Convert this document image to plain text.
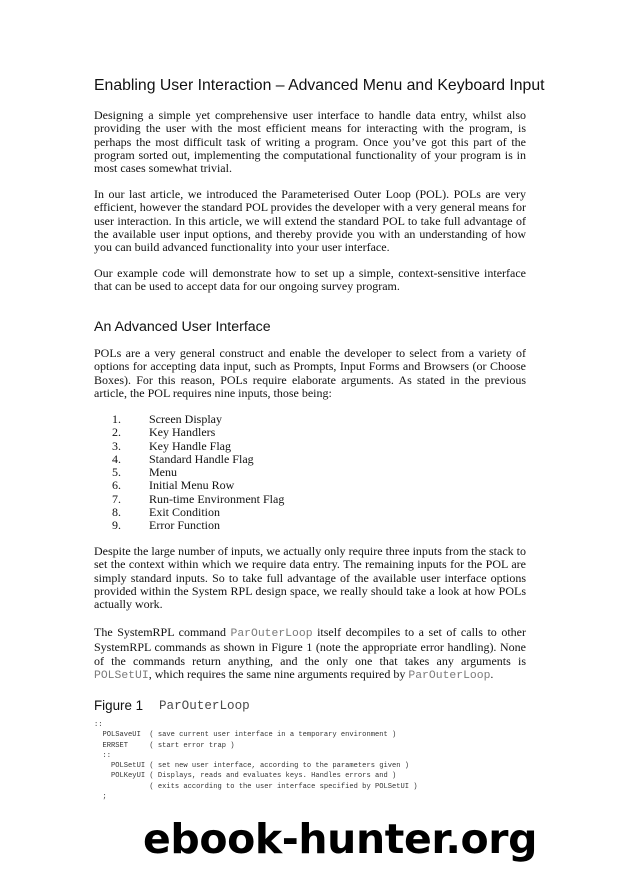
Enabling User Interaction – Advanced Menu and Keyboard Input

Designing a simple yet comprehensive user interface to handle data entry, whilst also providing the user with the most efficient means for interacting with the program, is perhaps the most difficult task of writing a program. Once you’ve got this part of the program sorted out, implementing the computational functionality of your program is in most cases somewhat trivial.

In our last article, we introduced the Parameterised Outer Loop (POL). POLs are very efficient, however the standard POL provides the developer with a very general means for user interaction. In this article, we will extend the standard POL to take full advantage of the available user input options, and thereby provide you with an understanding of how you can build advanced functionality into your user interface.

Our example code will demonstrate how to set up a simple, context-sensitive interface that can be used to accept data for our ongoing survey program.

An Advanced User Interface

POLs are a very general construct and enable the developer to select from a variety of options for accepting data input, such as Prompts, Input Forms and Browsers (or Choose Boxes). For this reason, POLs require elaborate arguments. As stated in the previous article, the POL requires nine inputs, those being:

1.	Screen Display
2.	Key Handlers
3.	Key Handle Flag
4.	Standard Handle Flag
5.	Menu
6.	Initial Menu Row
7.	Run-time Environment Flag
8.	Exit Condition
9.	Error Function

Despite the large number of inputs, we actually only require three inputs from the stack to set the context within which we require data entry. The remaining inputs for the POL are simply standard inputs. So to take full advantage of the available user interface options provided within the System RPL design space, we really should take a look at how POLs actually work.

The SystemRPL command ParOuterLoop itself decompiles to a set of calls to other SystemRPL commands as shown in Figure 1 (note the appropriate error handling). None of the commands return anything, and the only one that takes any arguments is POLSetUI, which requires the same nine arguments required by ParOuterLoop.

Figure 1 ParOuterLoop
::
POLSaveUI  ( save current user interface in a temporary environment )
ERRSET     ( start error trap )
::
POLSetUI ( set new user interface, according to the parameters given )
POLKeyUI ( Displays, reads and evaluates keys. Handles errors and )
( exits according to the user interface specified by POLSetUI )
;
ebook-hunter.org
